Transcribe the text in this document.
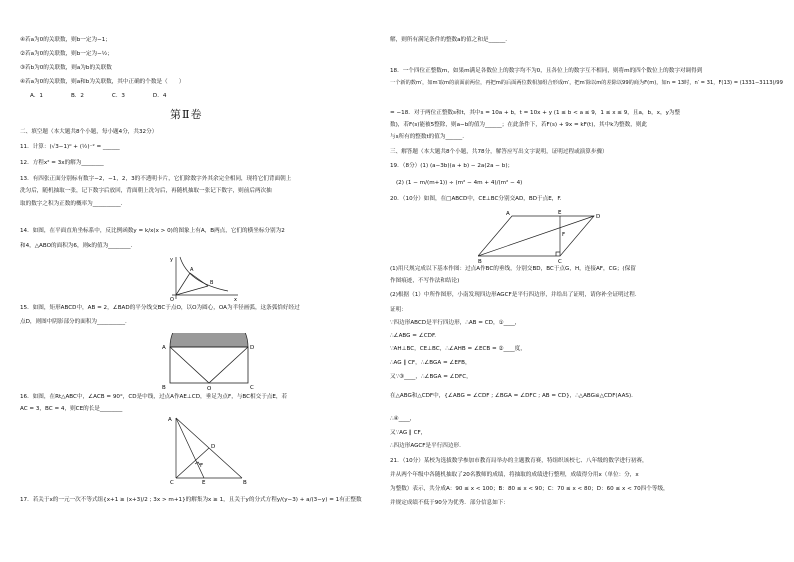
④若a为0的关联数，则b一定为−1；
②若a为0的关联数，则b一定为−½；
③若b为0的关联数，则a为b的关联数
④若a为0的关联数，则a和b为关联数，其中正确的个数是（　　）
A．1　　　　　B．2　　　　　C．3　　　　　D．4
第Ⅱ卷
二、填空题（本大题共8个小题，每小题4分，共32分）
11．计算：(√3−1)⁰ + (½)⁻² = ______
12．方程x² = 3x的解为________
13．有四张正面分别标有数字−2，−1，2，3的不透明卡片，它们除数字外其余完全相同，现将它们背面朝上
洗匀后，随机抽取一张，记下数字后放回，背面朝上洗匀后，再随机抽取一张记下数字，则前后两次抽
取的数字之积为正数的概率为__________.
14．如图，在平面直角坐标系中，反比例函数y = k/x(x > 0)的图象上有A，B两点，它们的横坐标分别为2
和4，△ABO的面积为6，则k的值为________.
y
A
B
O	x
15．如图，矩形ABCD中，AB = 2，∠BAD的平分线交BC于点O，以O为圆心，OA为半径画弧，这条弧恰好经过
点D，则图中阴影部分的面积为__________.
A	D
B	O	C
16．如图，在Rt△ABC中，∠ACB = 90°，CD是中线，过点A作AE⊥CD，垂足为点F，与BC相交于点E，若
AC = 3，BC = 4，则CE的长是________
A
D
F
C	E	B
17．若关于x的一元一次不等式组{x+1 ≥ (x+3)/2 ; 3x > m+1}的解集为x ≥ 1，且关于y的分式方程y/(y−3) + a/(3−y) = 1有正整数
解，则所有满足条件的整数a的值之和是______.
18．一个四位正整数m，如果m满足各数位上的数字均不为0，且各位上的数字互不相同，则将m的四个数位上的数字对调得到
一个新的数m′，如m′取m的前面前两位，再把m的后面两位数相加组合形成m′，把m′除以m的差除以99的商为F(m)，如n = 13时，n′ = 31，F(13) = (1331−3113)/99
= −18．对于两位正整数s和t，其中s = 10a + b，t = 10x + y (1 ≤ b < a ≤ 9，1 ≤ x ≤ 9，且a，b，x，y为整
数)，若F(s)能被5整除，则a−b的值为______；在此条件下，若F(s) + 9x = kF(t)，其中k为整数，则此
与s所有的整数t的值为______.
三、解答题（本大题共8个小题，共78分，解答应写出文字说明，证明过程或演算步骤）
19．（8分）(1) (a−3b)(a + b) − 2a(2a − b)；
(2) (1 − m/(m+1)) ÷ (m² − 4m + 4)/(m² − 4)
20．（10分）如图，在□ABCD中，CE⊥BC分别交AD，BD于点E，F.
A	E
D
F
B	C
(1)用尺规完成以下基本作图：过点A作BC的垂线，分别交BD，BC于点G，H，连接AF，CG；(保留
作图痕迹，不写作法和结论)
(2)根据（1）中所作图形，小南发现四边形AGCF是平行四边形，并给出了证明，请你补全证明过程.
证明：
∵四边形ABCD是平行四边形，∴AB = CD，①____，
∴∠ABG = ∠CDF.
∵AH⊥BC，CE⊥BC，∴∠AHB = ∠ECB = ②____度，
∴AG ∥ CF，∴∠BGA = ∠EFB，
又∵③____，∴∠BGA = ∠DFC，
在△ABG和△CDF中，{∠ABG = ∠CDF ; ∠BGA = ∠DFC ; AB = CD}，∴△ABG≌△CDF(AAS).
∴④____，
又∵AG ∥ CF，
∴四边形AGCF是平行四边形.
21．（10分）某校为选拔数学参加市教育局举办的主题教育赛，特组织该校七、八年级的数学进行初赛，
并从两个年级中各随机抽取了20名教师的成绩，将抽取的成绩进行整理，成绩得分用x（单位：分，x
为整数）表示，共分成A：90 ≤ x < 100；B：80 ≤ x < 90；C：70 ≤ x < 80；D：60 ≤ x < 70四个等级，
并规定成绩不低于90分为优秀．部分信息如下：
